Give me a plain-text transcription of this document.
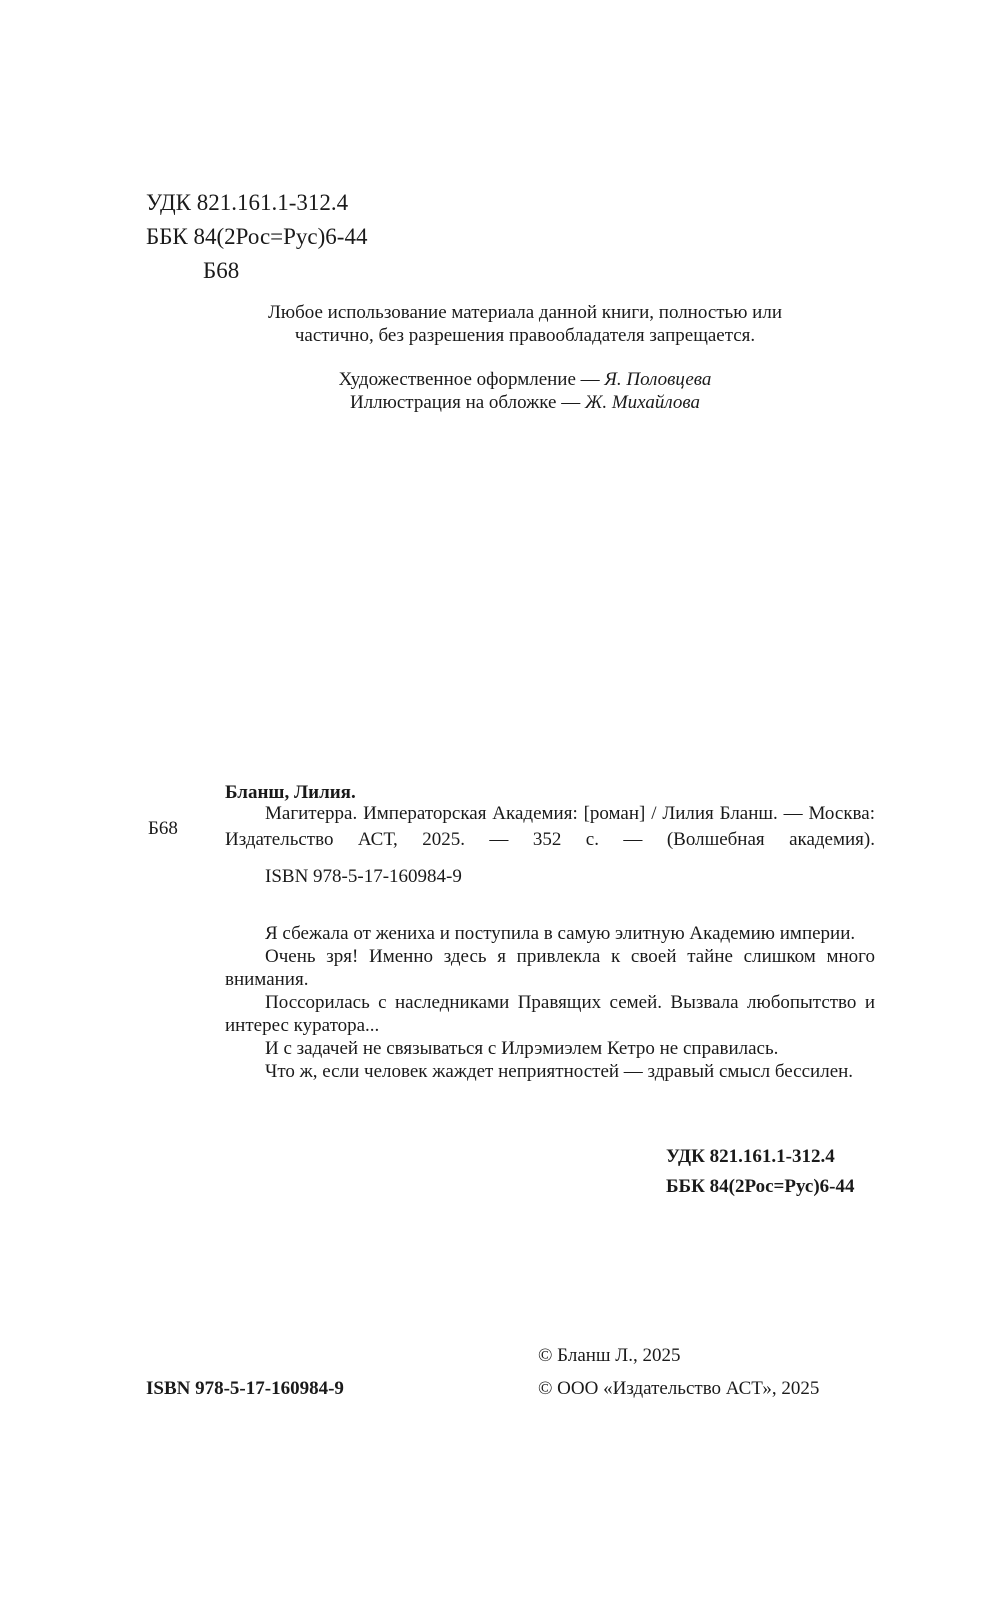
УДК 821.161.1-312.4

ББК 84(2Рос=Рус)6-44

Б68

Любое использование материала данной книги, полностью или частично, без разрешения правообладателя запрещается.

Художественное оформление — Я. Половцева
Иллюстрация на обложке — Ж. Михайлова

Б68

Бланш, Лилия.

Магитерра. Императорская Академия: [роман] / Лилия Бланш. — Москва: Издательство АСТ, 2025. — 352 с. — (Волшебная академия).

ISBN 978-5-17-160984-9

Я сбежала от жениха и поступила в самую элитную Академию империи.

Очень зря! Именно здесь я привлекла к своей тайне слишком много внимания.

Поссорилась с наследниками Правящих семей. Вызвала любопытство и интерес куратора...

И с задачей не связываться с Илрэмиэлем Кетро не справилась.

Что ж, если человек жаждет неприятностей — здравый смысл бессилен.

УДК 821.161.1-312.4

ББК 84(2Рос=Рус)6-44

ISBN 978-5-17-160984-9

© Бланш Л., 2025

© ООО «Издательство АСТ», 2025
